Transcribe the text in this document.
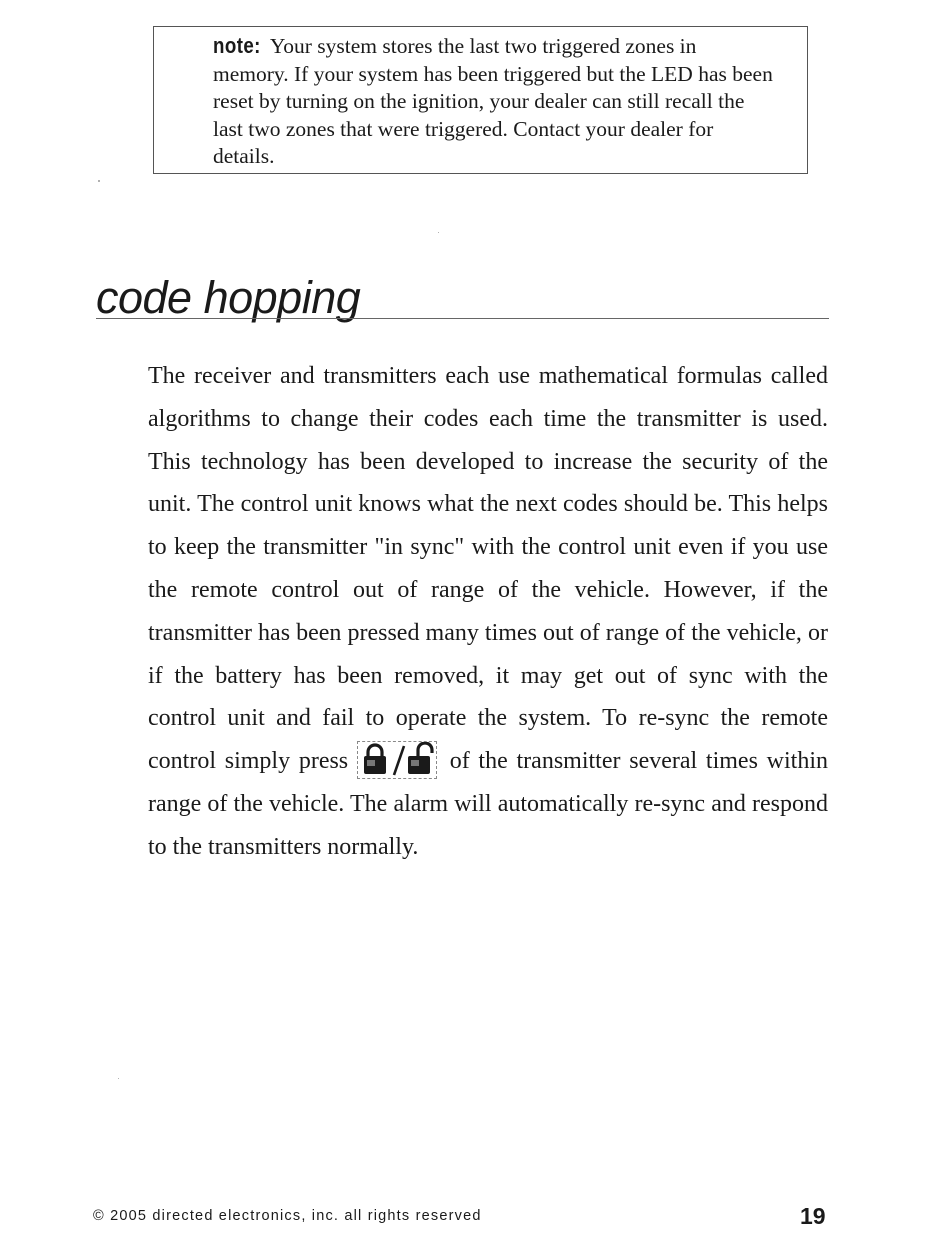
note: Your system stores the last two triggered zones in memory. If your system has been triggered but the LED has been reset by turning on the ignition, your dealer can still recall the last two zones that were triggered. Contact your dealer for details.
code hopping

The receiver and transmitters each use mathematical formulas called algorithms to change their codes each time the transmitter is used. This technology has been developed to increase the security of the unit. The control unit knows what the next codes should be. This helps to keep the transmitter "in sync" with the control unit even if you use the remote control out of range of the vehicle. However, if the transmitter has been pressed many times out of range of the vehicle, or if the battery has been removed, it may get out of sync with the control unit and fail to operate the system. To re-sync the remote control simply press	of the transmitter several times within range of the vehicle. The alarm will automatically re-sync and respond to the transmitters normally.

© 2005 directed electronics, inc. all rights reserved	19
